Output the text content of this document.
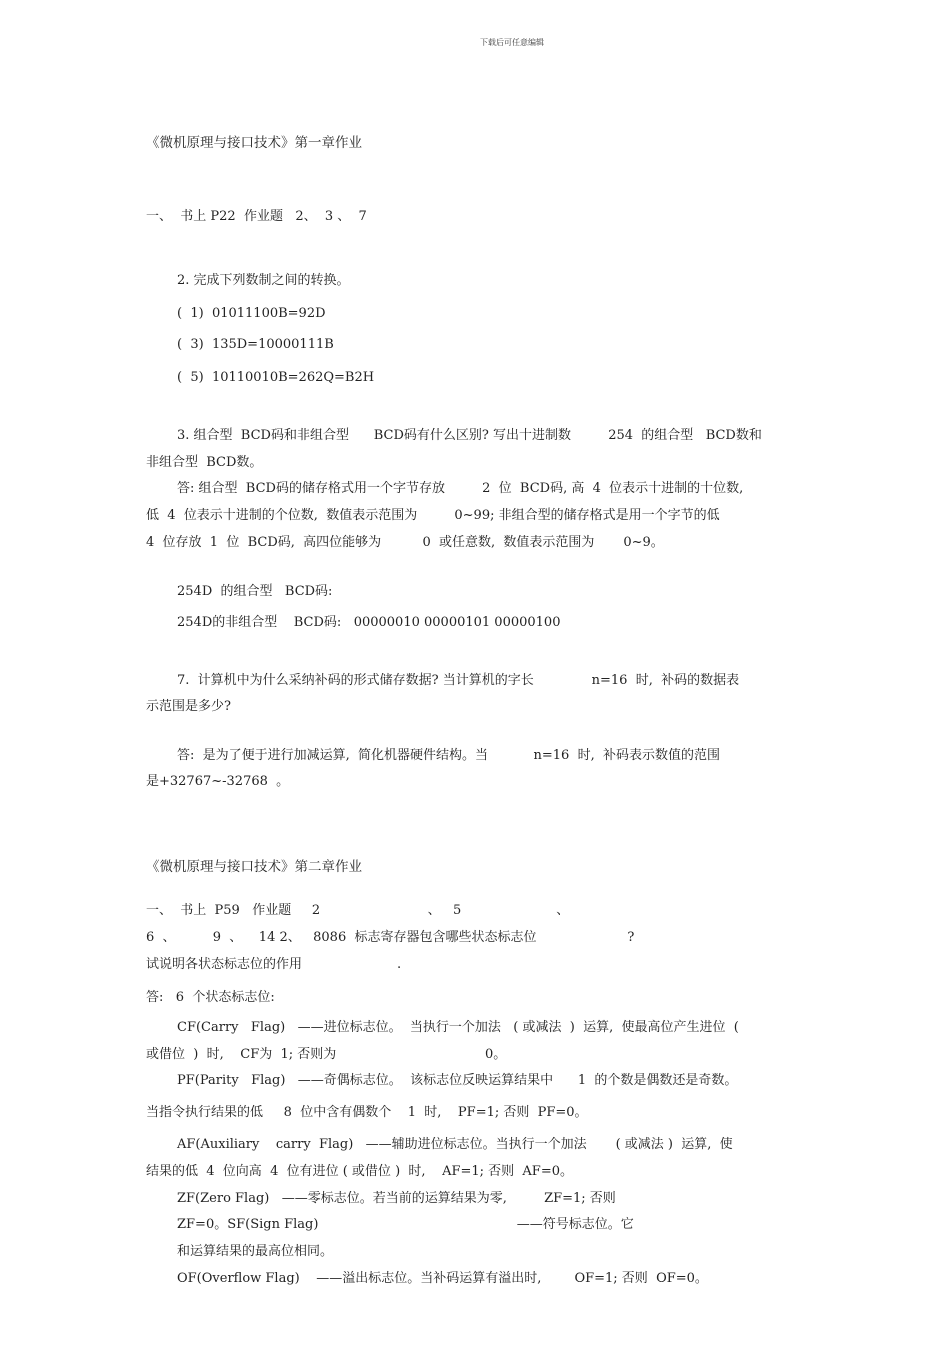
下载后可任意编辑
《微机原理与接口技术》第一章作业
一、  书上 P22  作业题   2、  3 、  7
2. 完成下列数制之间的转换。
(  1)  01011100B=92D
(  3)  135D=10000111B
(  5)  10110010B=262Q=B2H
3. 组合型  BCD码和非组合型      BCD码有什么区别? 写出十进制数         254  的组合型   BCD数和
非组合型  BCD数。
答: 组合型  BCD码的储存格式用一个字节存放         2  位  BCD码, 高  4  位表示十进制的十位数,
低  4  位表示十进制的个位数,  数值表示范围为         0~99; 非组合型的储存格式是用一个字节的低
4  位存放  1  位  BCD码,  高四位能够为          0  或任意数,  数值表示范围为       0~9。
254D  的组合型   BCD码:
254D的非组合型    BCD码:   00000010 00000101 00000100
7.  计算机中为什么采纳补码的形式储存数据? 当计算机的字长              n=16  时,  补码的数据表
示范围是多少?
答:  是为了便于进行加减运算,  简化机器硬件结构。当           n=16  时,  补码表示数值的范围
是+32767~-32768  。
《微机原理与接口技术》第二章作业
一、  书上  P59   作业题     2                          、   5                       、
6  、         9  、    14 2、   8086  标志寄存器包含哪些状态标志位                      ?
试说明各状态标志位的作用                       .
答:   6  个状态标志位:
CF(Carry   Flag)   ——进位标志位。  当执行一个加法   ( 或减法  )  运算,  使最高位产生进位  (
或借位  )  时,    CF为  1; 否则为                                    0。
PF(Parity   Flag)   ——奇偶标志位。  该标志位反映运算结果中      1  的个数是偶数还是奇数。
当指令执行结果的低     8  位中含有偶数个    1  时,    PF=1; 否则  PF=0。
AF(Auxiliary    carry  Flag)   ——辅助进位标志位。当执行一个加法       ( 或减法 )  运算,  使
结果的低  4  位向高  4  位有进位 ( 或借位 )  时,    AF=1; 否则  AF=0。
ZF(Zero Flag)   ——零标志位。若当前的运算结果为零,         ZF=1; 否则
ZF=0。SF(Sign Flag)                                                ——符号标志位。它
和运算结果的最高位相同。
OF(Overflow Flag)    ——溢出标志位。当补码运算有溢出时,        OF=1; 否则  OF=0。
